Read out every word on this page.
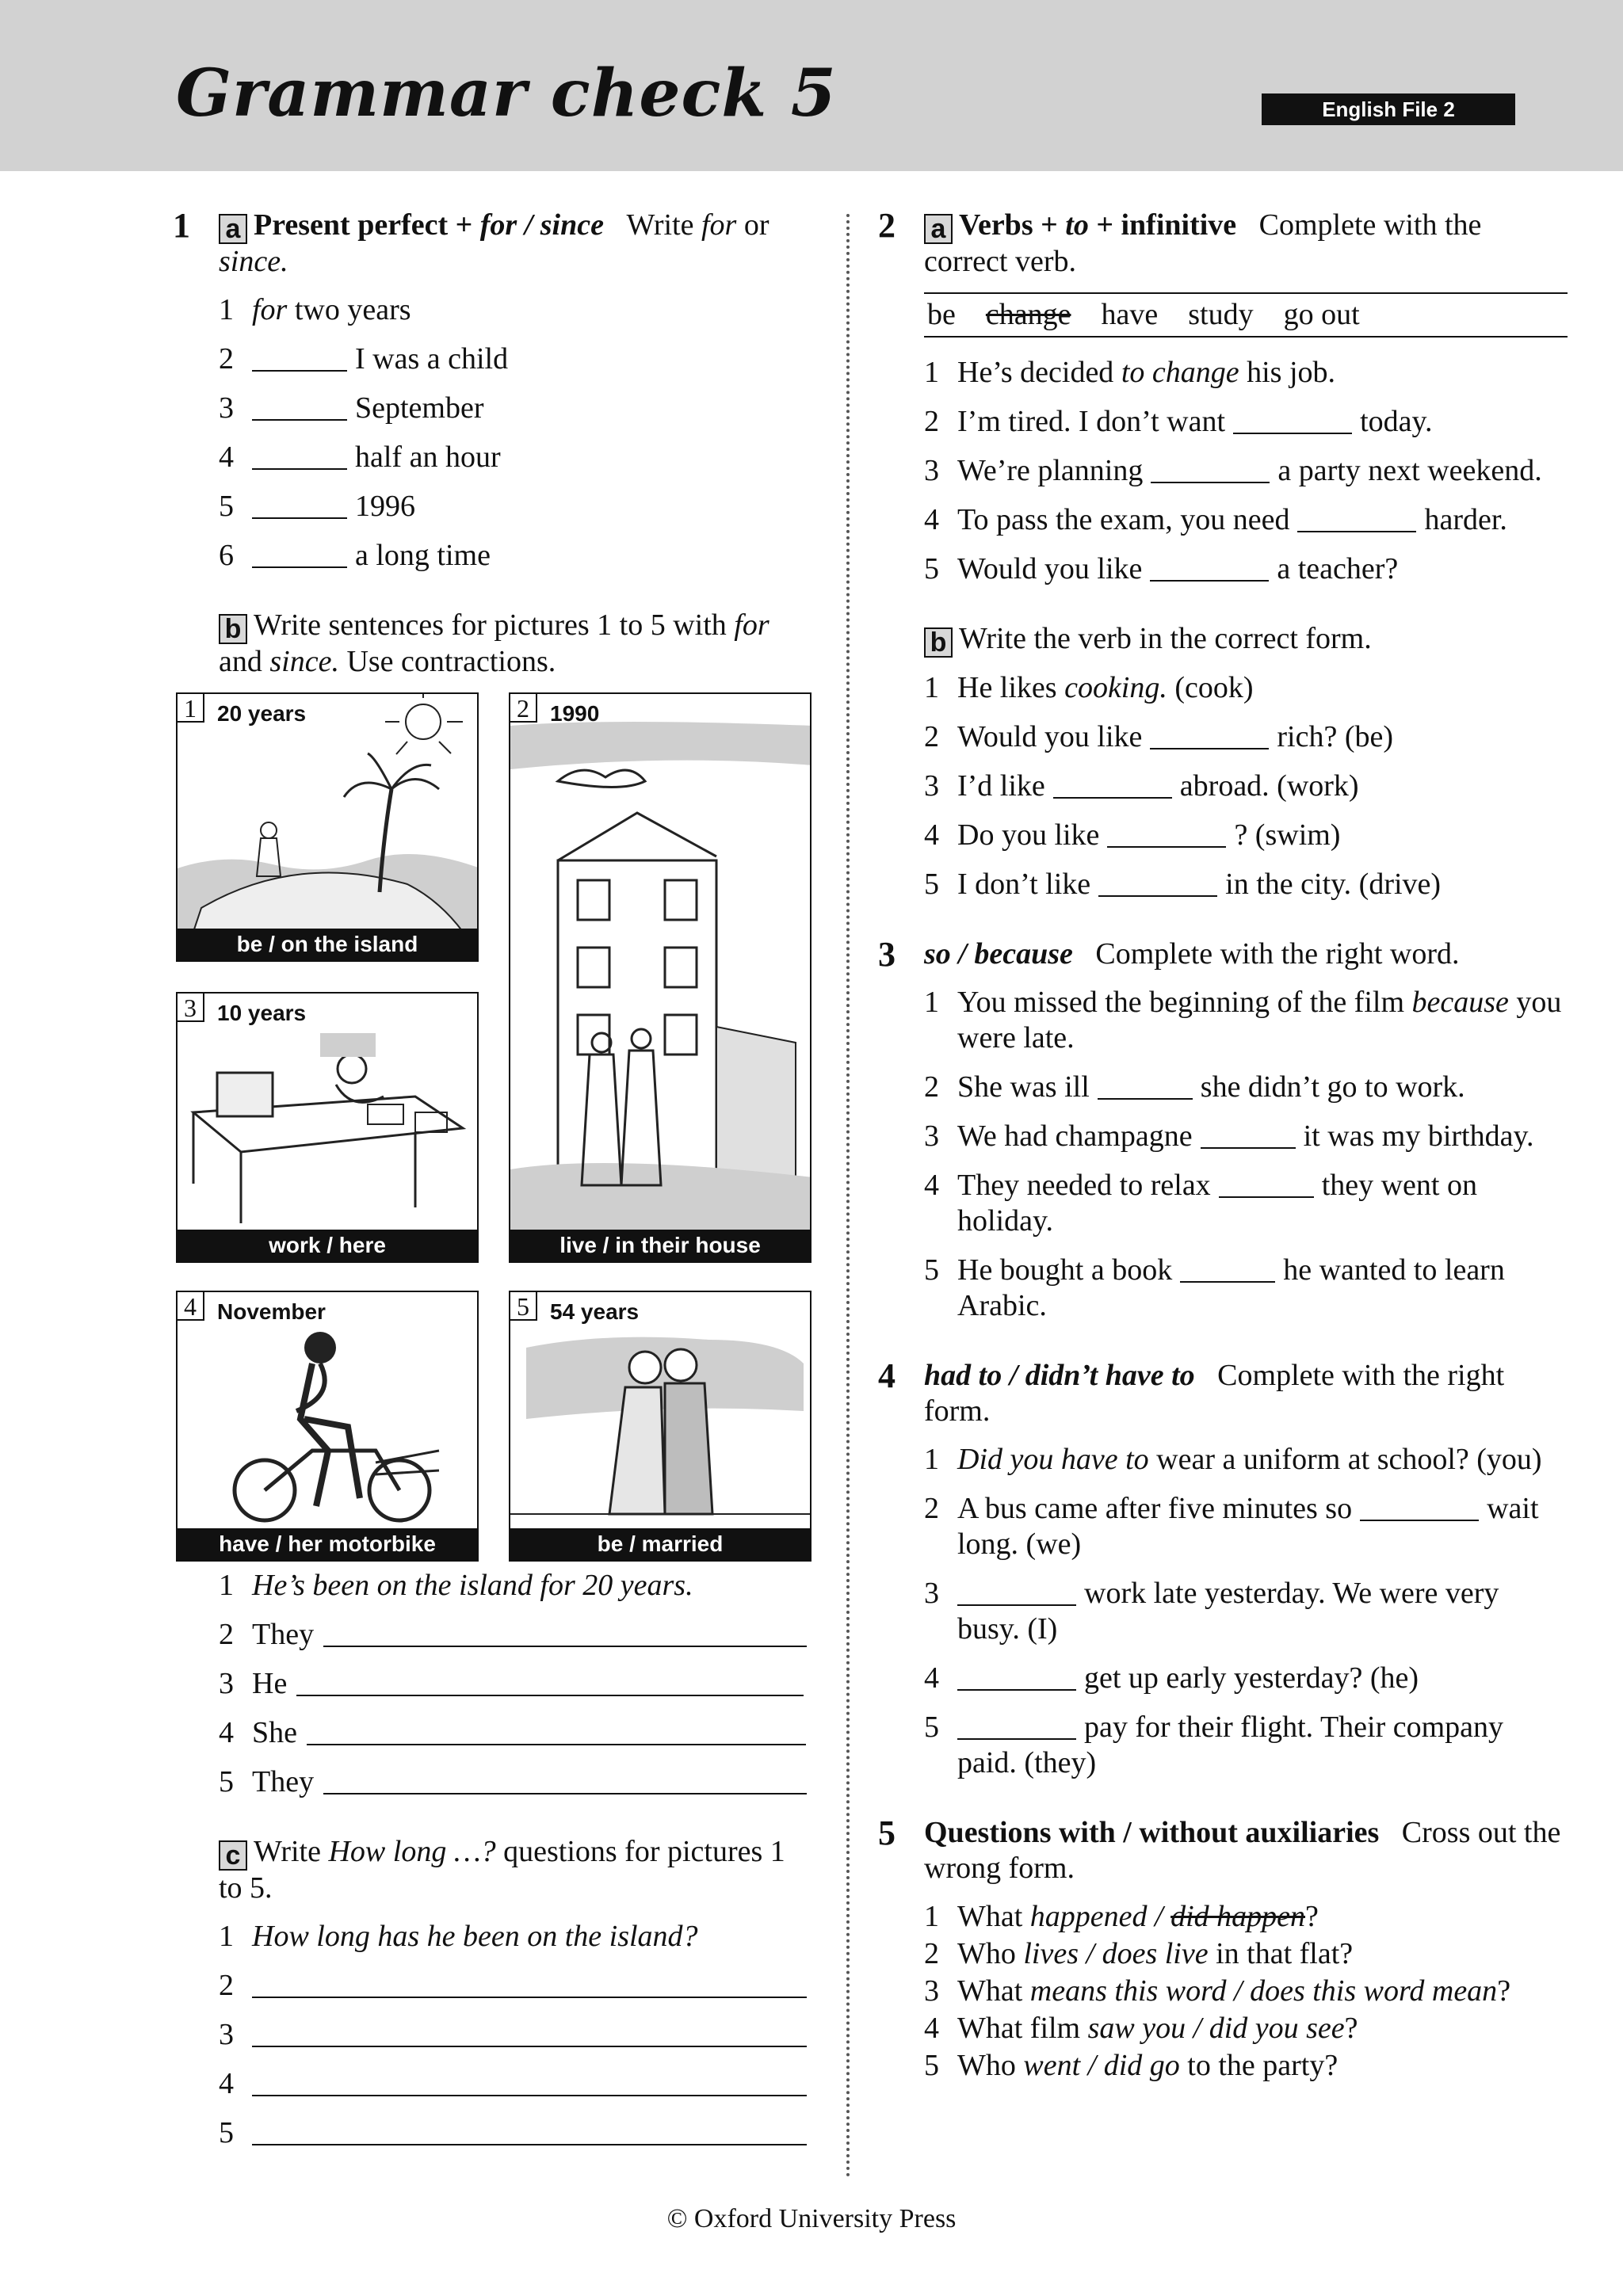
Grammar check 5	English File 2
1 a Present perfect + for / since Write for or since.
1 for two years
2	I was a child
3	September
4	half an hour
5	1996
6	a long time
b Write sentences for pictures 1 to 5 with for and since. Use contractions.
1 20 years
be / on the island
2 1990
live / in their house
3 10 years
work / here
4 November
have / her motorbike
5 54 years
be / married
1 He’s been on the island for 20 years.
2 They
3 He
4 She
5 They
c Write How long …? questions for pictures 1 to 5.
1 How long has he been on the island?
2
3
4
5
2 a Verbs + to + infinitive Complete with the correct verb.
be change have study go out
1 He’s decided to change his job.
2 I’m tired. I don’t want	today.
3 We’re planning	a party next weekend.
4 To pass the exam, you need	harder.
5 Would you like	a teacher?
b Write the verb in the correct form.
1 He likes cooking. (cook)
2 Would you like	rich? (be)
3 I’d like	abroad. (work)
4 Do you like	? (swim)
5 I don’t like	in the city. (drive)
3 so / because Complete with the right word.
1 You missed the beginning of the film because you were late.
2 She was ill	she didn’t go to work.
3 We had champagne	it was my birthday.
4 They needed to relax	they went on holiday.
5 He bought a book	he wanted to learn Arabic.
4 had to / didn’t have to Complete with the right form.
1 Did you have to wear a uniform at school? (you)
2 A bus came after five minutes so	wait long. (we)
3	work late yesterday. We were very busy. (I)
4	get up early yesterday? (he)
5	pay for their flight. Their company paid. (they)
5 Questions with / without auxiliaries Cross out the wrong form.
1 What happened / did happen?
2 Who lives / does live in that flat?
3 What means this word / does this word mean?
4 What film saw you / did you see?
5 Who went / did go to the party?
© Oxford University Press
